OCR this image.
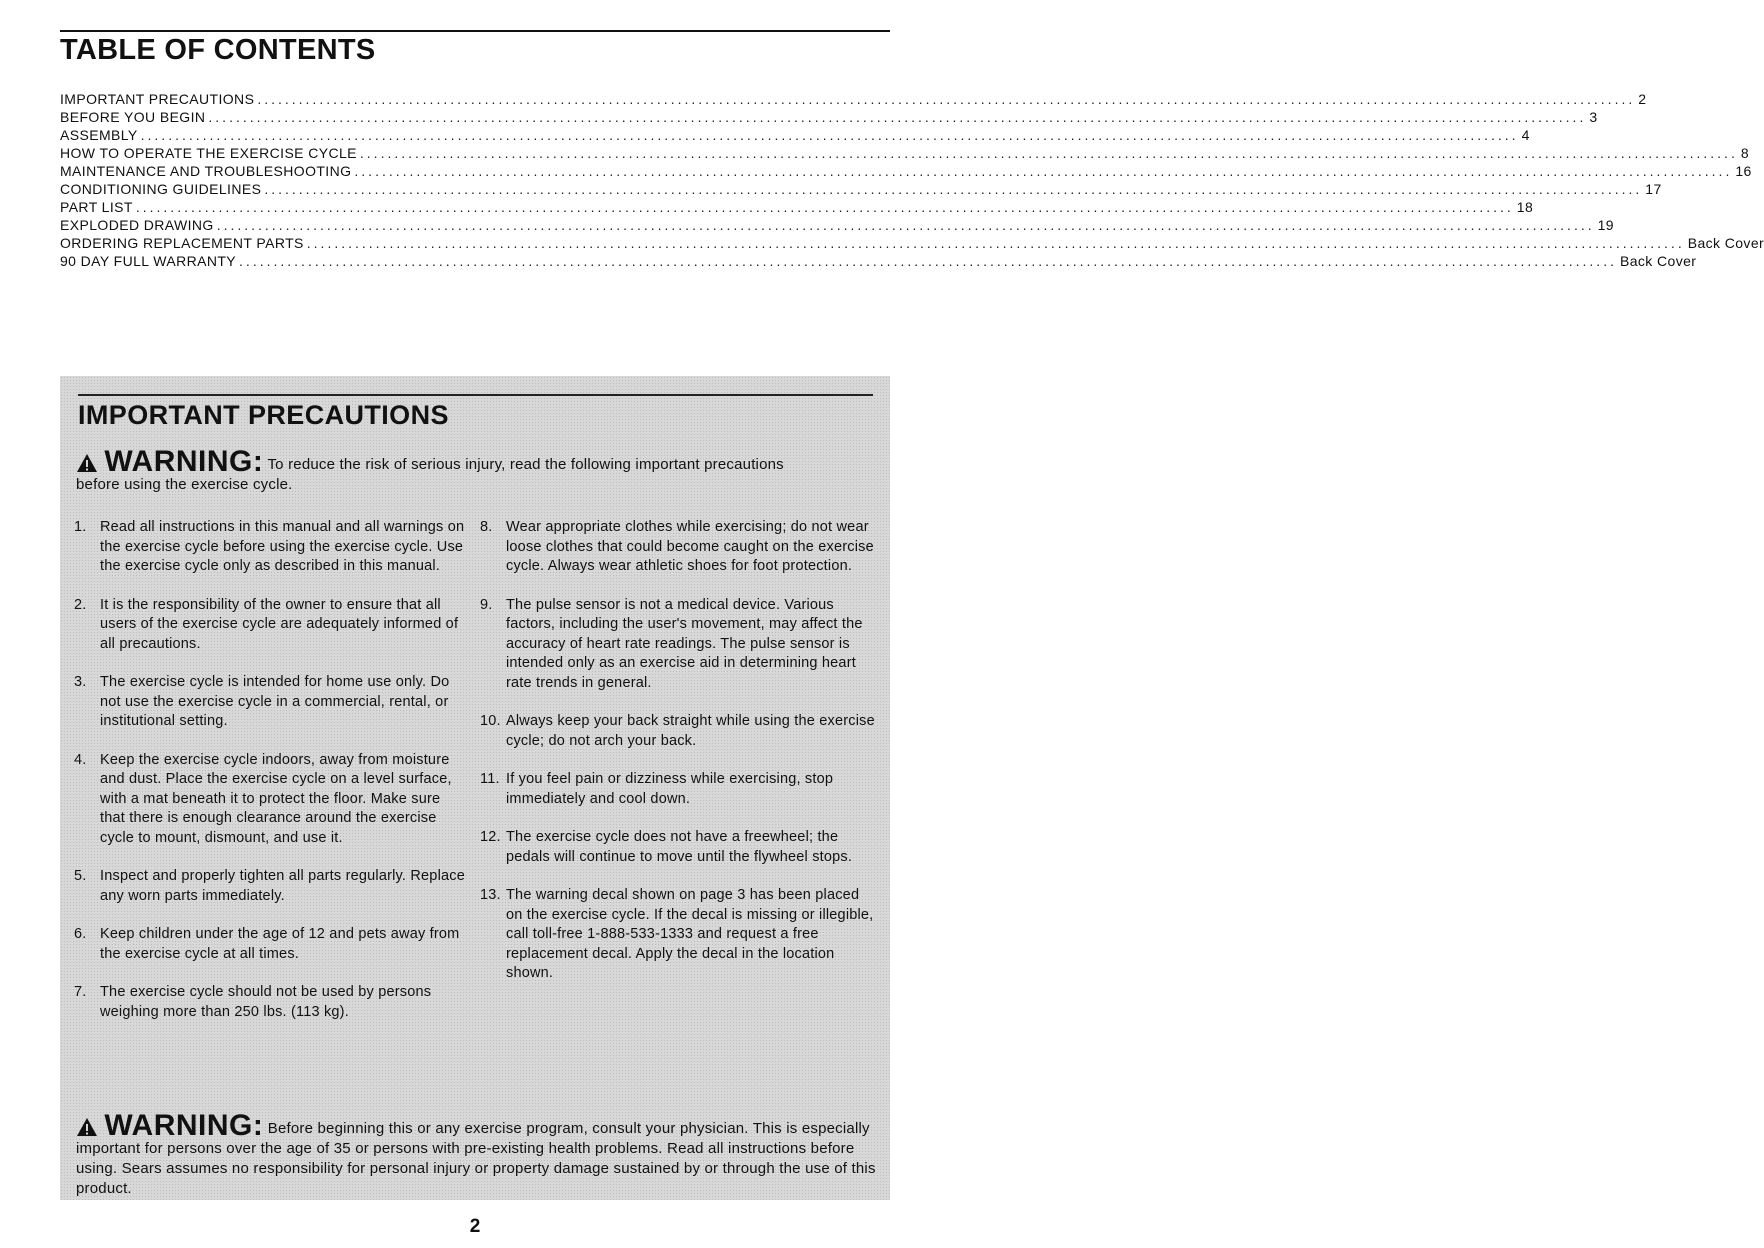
TABLE OF CONTENTS
IMPORTANT PRECAUTIONS ........................................................................................................................................................................................................ 2
BEFORE YOU BEGIN ........................................................................................................................................................................................................ 3
ASSEMBLY ........................................................................................................................................................................................................ 4
HOW TO OPERATE THE EXERCISE CYCLE ........................................................................................................................................................................................................ 8
MAINTENANCE AND TROUBLESHOOTING ........................................................................................................................................................................................................ 16
CONDITIONING GUIDELINES ........................................................................................................................................................................................................ 17
PART LIST ........................................................................................................................................................................................................ 18
EXPLODED DRAWING ........................................................................................................................................................................................................ 19
ORDERING REPLACEMENT PARTS ........................................................................................................................................................................................................ Back Cover
90 DAY FULL WARRANTY ........................................................................................................................................................................................................ Back Cover
IMPORTANT PRECAUTIONS
WARNING: To reduce the risk of serious injury, read the following important precautions before using the exercise cycle.
1. Read all instructions in this manual and all warnings on the exercise cycle before using the exercise cycle. Use the exercise cycle only as described in this manual.
2. It is the responsibility of the owner to ensure that all users of the exercise cycle are adequately informed of all precautions.
3. The exercise cycle is intended for home use only. Do not use the exercise cycle in a commercial, rental, or institutional setting.
4. Keep the exercise cycle indoors, away from moisture and dust. Place the exercise cycle on a level surface, with a mat beneath it to protect the floor. Make sure that there is enough clearance around the exercise cycle to mount, dismount, and use it.
5. Inspect and properly tighten all parts regularly. Replace any worn parts immediately.
6. Keep children under the age of 12 and pets away from the exercise cycle at all times.
7. The exercise cycle should not be used by persons weighing more than 250 lbs. (113 kg).
8. Wear appropriate clothes while exercising; do not wear loose clothes that could become caught on the exercise cycle. Always wear athletic shoes for foot protection.
9. The pulse sensor is not a medical device. Various factors, including the user's movement, may affect the accuracy of heart rate readings. The pulse sensor is intended only as an exercise aid in determining heart rate trends in general.
10. Always keep your back straight while using the exercise cycle; do not arch your back.
11. If you feel pain or dizziness while exercising, stop immediately and cool down.
12. The exercise cycle does not have a freewheel; the pedals will continue to move until the flywheel stops.
13. The warning decal shown on page 3 has been placed on the exercise cycle. If the decal is missing or illegible, call toll-free 1-888-533-1333 and request a free replacement decal. Apply the decal in the location shown.
WARNING: Before beginning this or any exercise program, consult your physician. This is especially important for persons over the age of 35 or persons with pre-existing health problems. Read all instructions before using. Sears assumes no responsibility for personal injury or property damage sustained by or through the use of this product.
2
